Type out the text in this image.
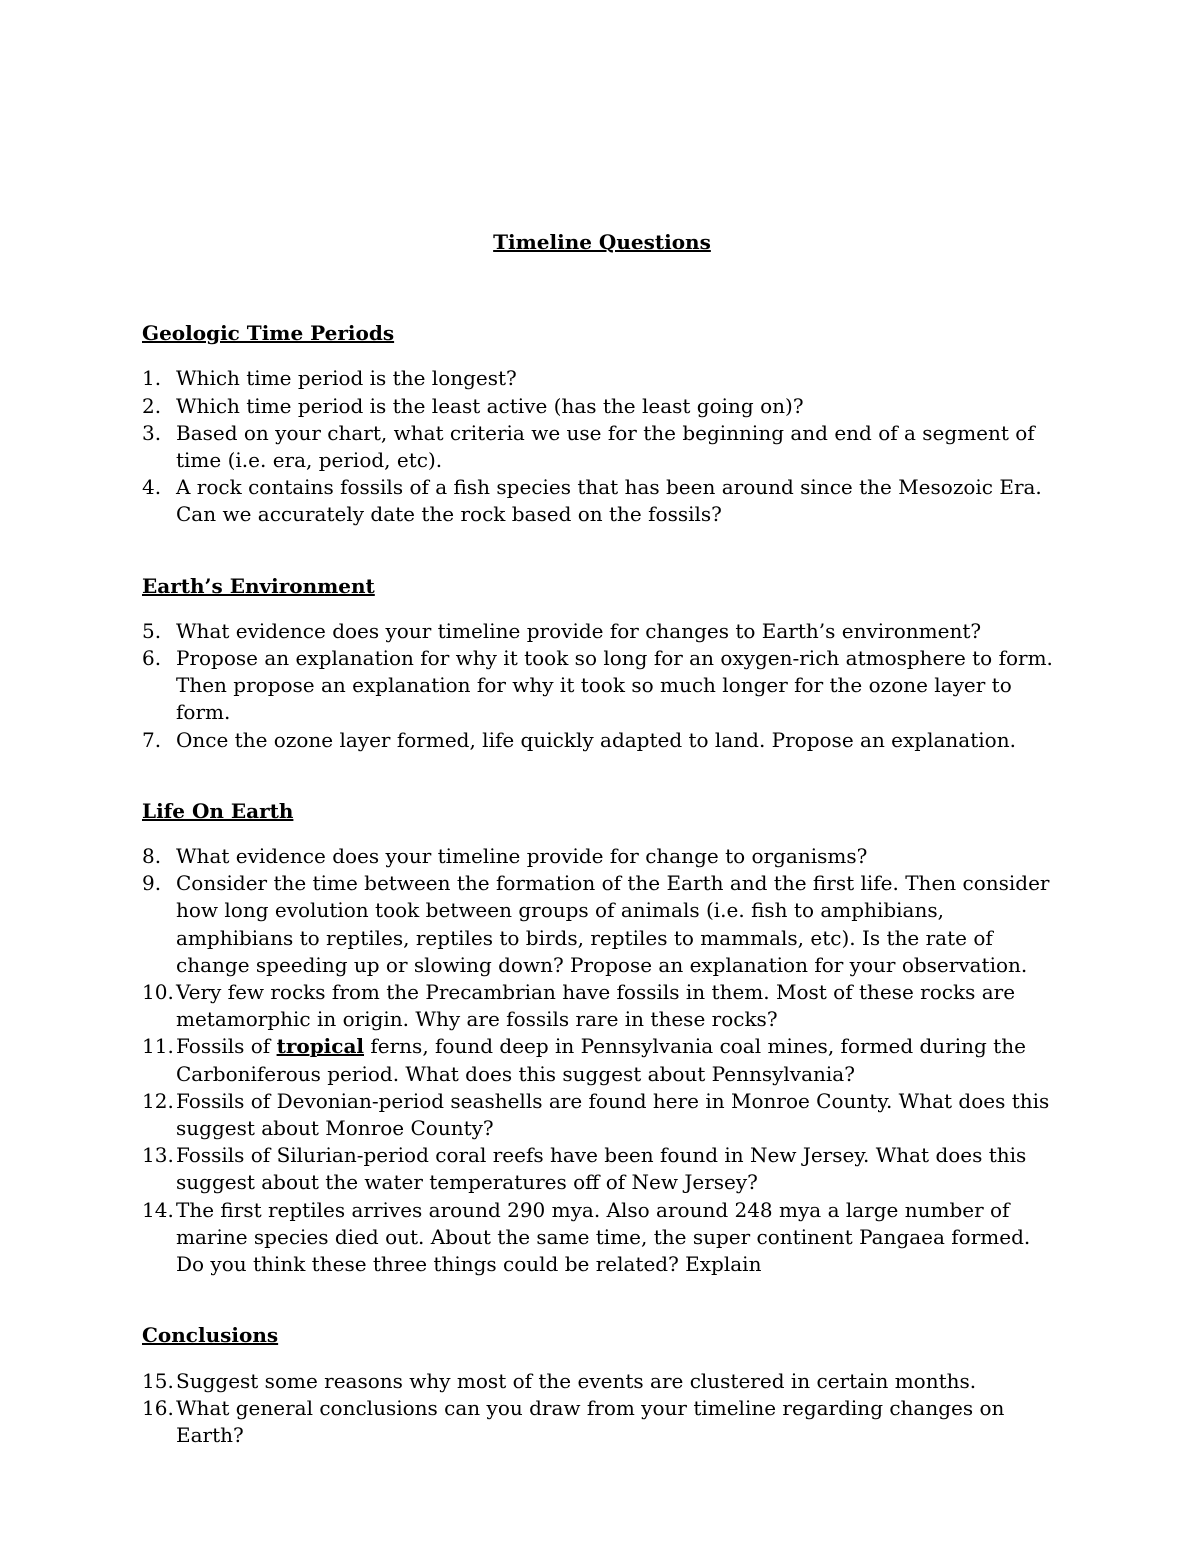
Timeline Questions
Geologic Time Periods
1. Which time period is the longest?
2. Which time period is the least active (has the least going on)?
3. Based on your chart, what criteria we use for the beginning and end of a segment of time (i.e. era, period, etc).
4. A rock contains fossils of a fish species that has been around since the Mesozoic Era. Can we accurately date the rock based on the fossils?
Earth’s Environment
5. What evidence does your timeline provide for changes to Earth’s environment?
6. Propose an explanation for why it took so long for an oxygen-rich atmosphere to form. Then propose an explanation for why it took so much longer for the ozone layer to form.
7. Once the ozone layer formed, life quickly adapted to land. Propose an explanation.
Life On Earth
8. What evidence does your timeline provide for change to organisms?
9. Consider the time between the formation of the Earth and the first life. Then consider how long evolution took between groups of animals (i.e. fish to amphibians, amphibians to reptiles, reptiles to birds, reptiles to mammals, etc). Is the rate of change speeding up or slowing down? Propose an explanation for your observation.
10. Very few rocks from the Precambrian have fossils in them. Most of these rocks are metamorphic in origin. Why are fossils rare in these rocks?
11. Fossils of tropical ferns, found deep in Pennsylvania coal mines, formed during the Carboniferous period. What does this suggest about Pennsylvania?
12. Fossils of Devonian-period seashells are found here in Monroe County. What does this suggest about Monroe County?
13. Fossils of Silurian-period coral reefs have been found in New Jersey. What does this suggest about the water temperatures off of New Jersey?
14. The first reptiles arrives around 290 mya. Also around 248 mya a large number of marine species died out. About the same time, the super continent Pangaea formed. Do you think these three things could be related? Explain
Conclusions
15. Suggest some reasons why most of the events are clustered in certain months.
16. What general conclusions can you draw from your timeline regarding changes on Earth?
